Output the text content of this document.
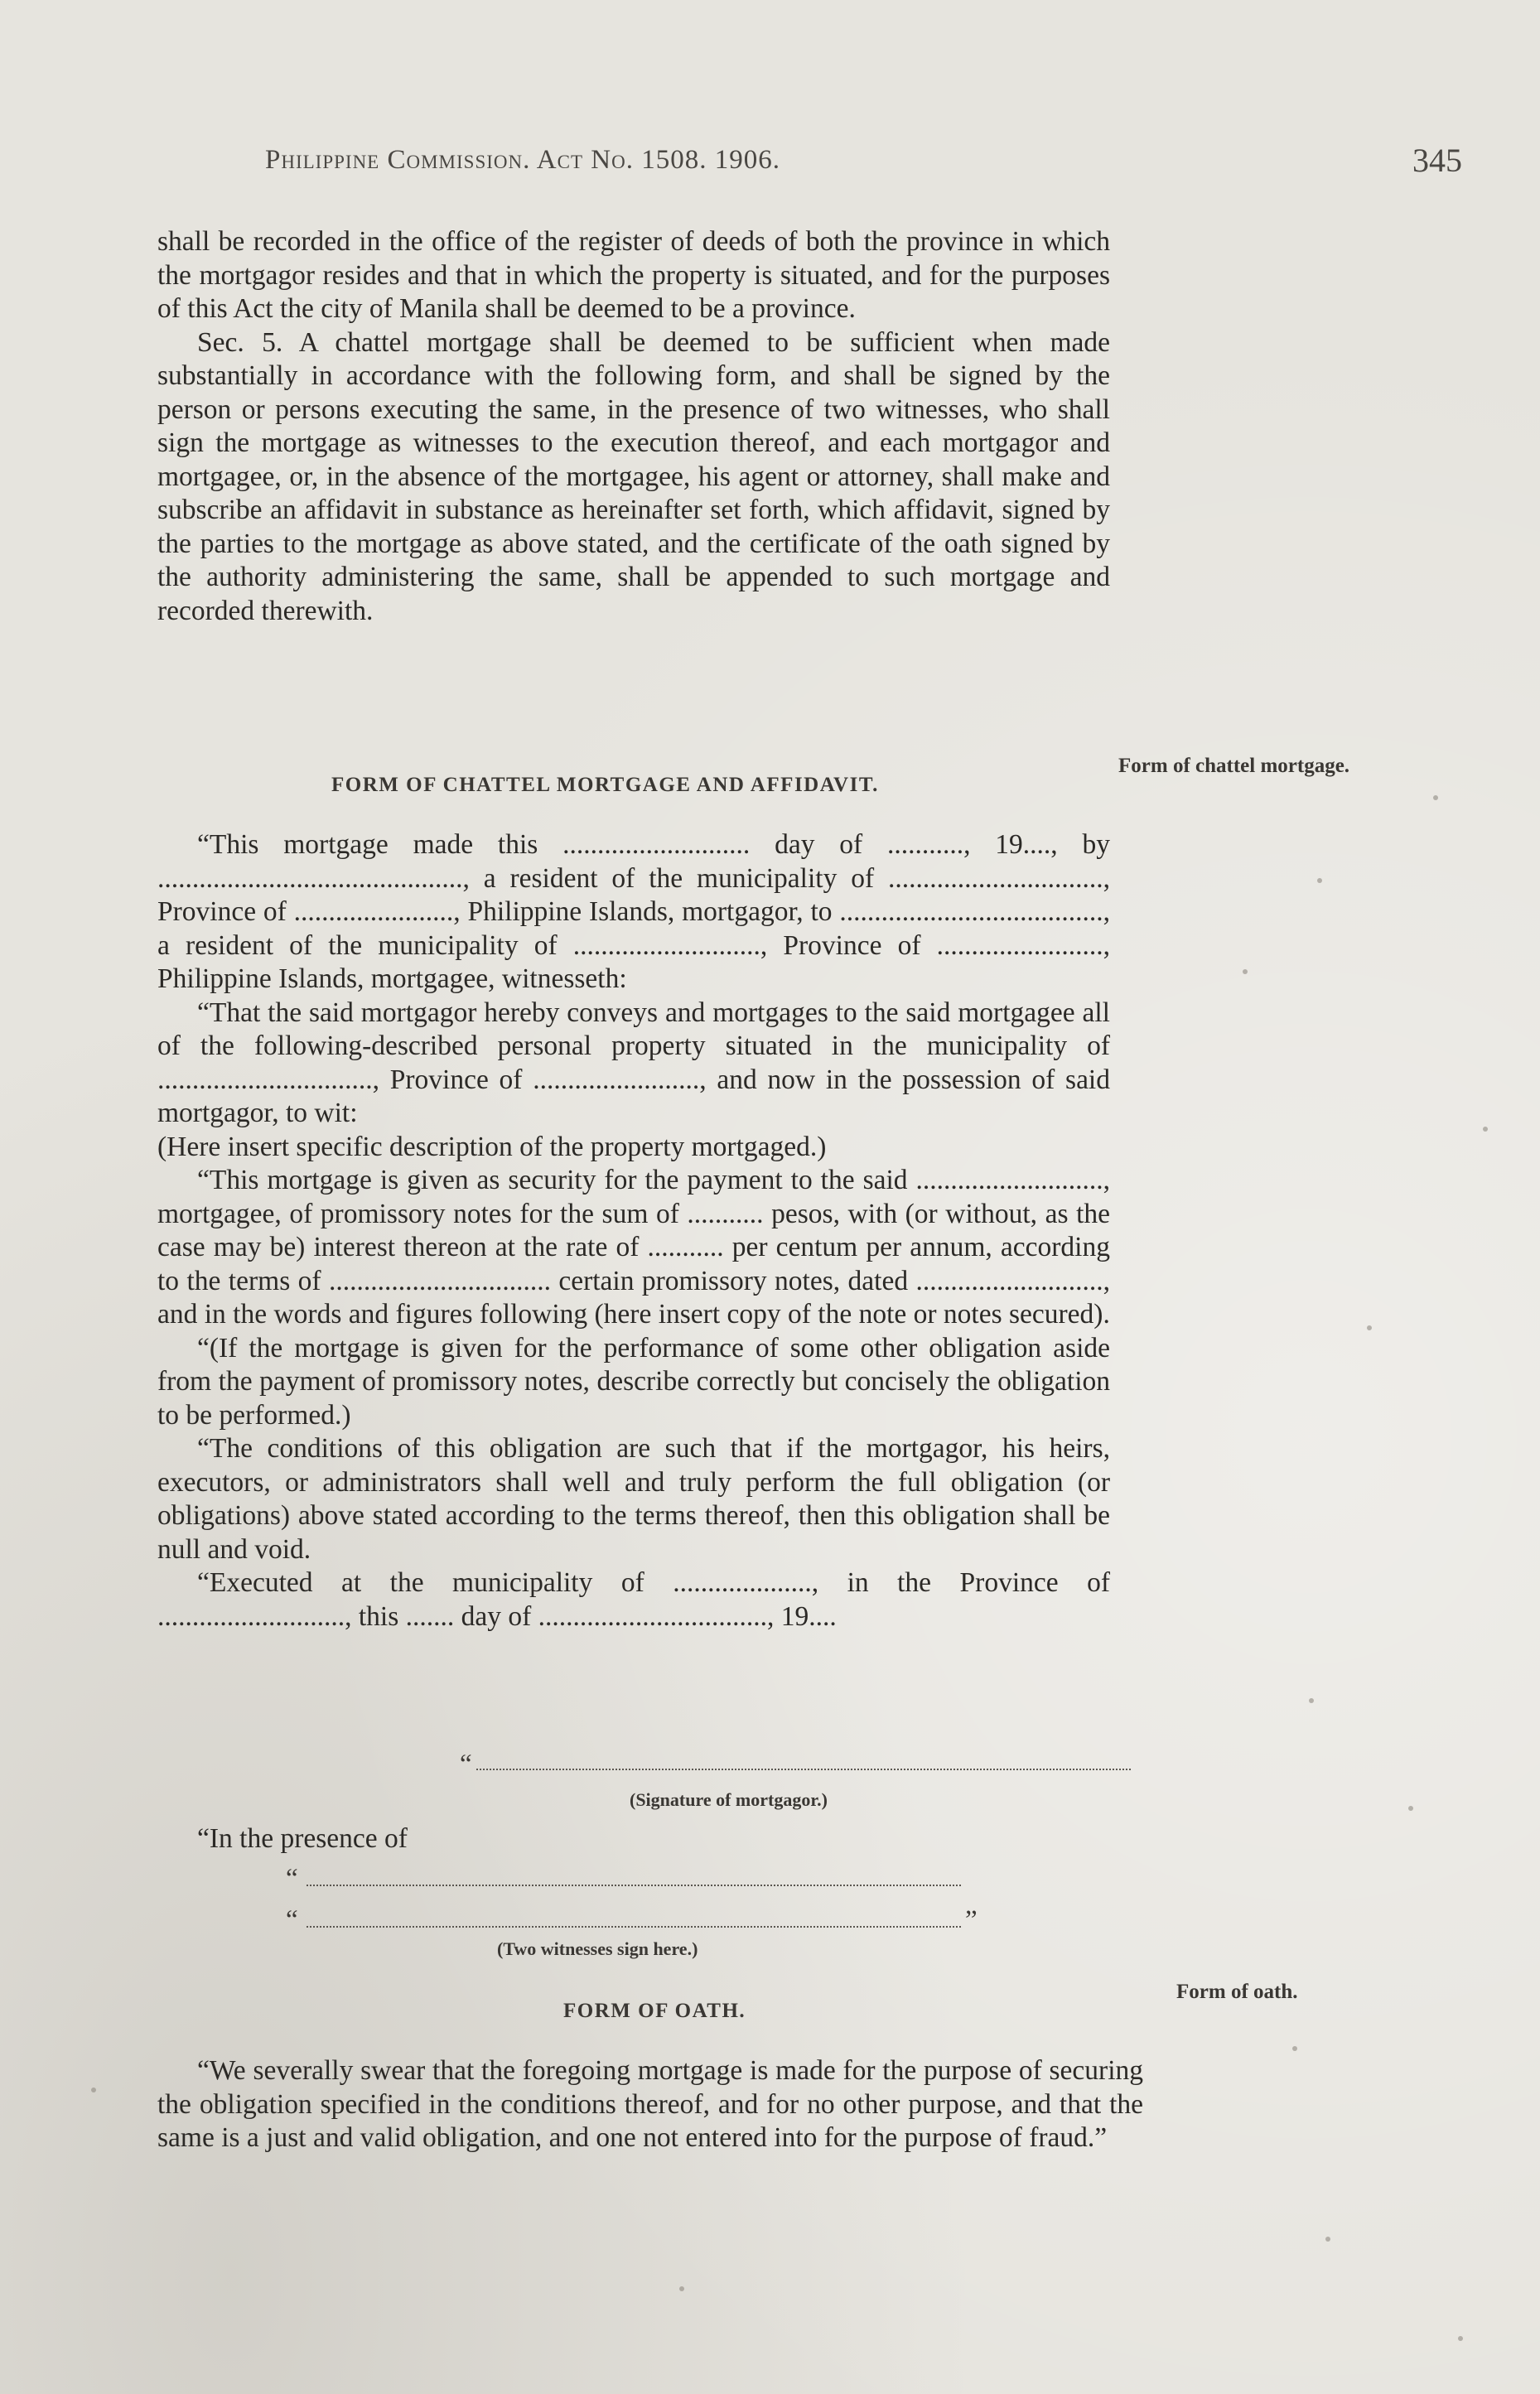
Philippine Commission. Act No. 1508. 1906.	345

shall be recorded in the office of the register of deeds of both the province in which the mortgagor resides and that in which the property is situated, and for the purposes of this Act the city of Manila shall be deemed to be a province.

Sec. 5. A chattel mortgage shall be deemed to be sufficient when made substantially in accordance with the following form, and shall be signed by the person or persons executing the same, in the presence of two witnesses, who shall sign the mortgage as witnesses to the execution thereof, and each mortgagor and mortgagee, or, in the absence of the mortgagee, his agent or attorney, shall make and subscribe an affidavit in substance as hereinafter set forth, which affidavit, signed by the parties to the mortgage as above stated, and the certificate of the oath signed by the authority administering the same, shall be appended to such mortgage and recorded therewith.

FORM OF CHATTEL MORTGAGE AND AFFIDAVIT.
Form of chattel mortgage.

“This mortgage made this ........................... day of ..........., 19...., by ............................................, a resident of the municipality of ..............................., Province of ......................., Philippine Islands, mortgagor, to ......................................, a resident of the municipality of ..........................., Province of ........................, Philippine Islands, mortgagee, witnesseth:

“That the said mortgagor hereby conveys and mortgages to the said mortgagee all of the following-described personal property situated in the municipality of ..............................., Province of ........................, and now in the possession of said mortgagor, to wit:

(Here insert specific description of the property mortgaged.)

“This mortgage is given as security for the payment to the said ..........................., mortgagee, of promissory notes for the sum of ........... pesos, with (or without, as the case may be) interest thereon at the rate of ........... per centum per annum, according to the terms of ................................ certain promissory notes, dated ..........................., and in the words and figures following (here insert copy of the note or notes secured).

“(If the mortgage is given for the performance of some other obligation aside from the payment of promissory notes, describe correctly but concisely the obligation to be performed.)

“The conditions of this obligation are such that if the mortgagor, his heirs, executors, or administrators shall well and truly perform the full obligation (or obligations) above stated according to the terms thereof, then this obligation shall be null and void.

“Executed at the municipality of ...................., in the Province of ..........................., this ....... day of ................................., 19....

“
(Signature of mortgagor.)

“In the presence of

“
“	”
(Two witnesses sign here.)
FORM OF OATH.
Form of oath.

“We severally swear that the foregoing mortgage is made for the purpose of securing the obligation specified in the conditions thereof, and for no other purpose, and that the same is a just and valid obligation, and one not entered into for the purpose of fraud.”
